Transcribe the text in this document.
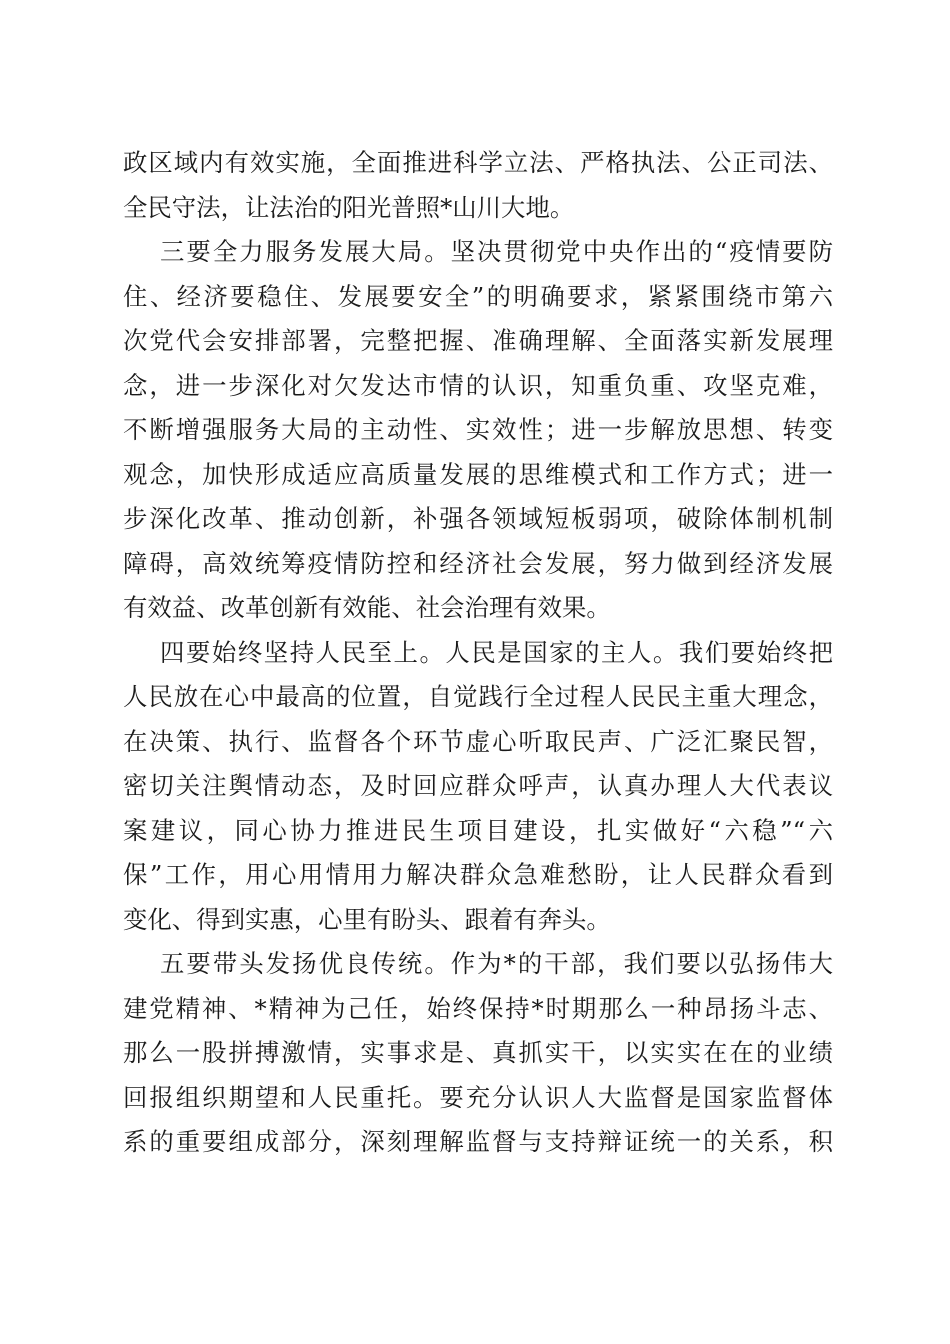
政区域内有效实施，全面推进科学立法、严格执法、公正司法、
全民守法，让法治的阳光普照*山川大地。
三要全力服务发展大局。坚决贯彻党中央作出的“疫情要防
住、经济要稳住、发展要安全”的明确要求，紧紧围绕市第六
次党代会安排部署，完整把握、准确理解、全面落实新发展理
念，进一步深化对欠发达市情的认识，知重负重、攻坚克难，
不断增强服务大局的主动性、实效性；进一步解放思想、转变
观念，加快形成适应高质量发展的思维模式和工作方式；进一
步深化改革、推动创新，补强各领域短板弱项，破除体制机制
障碍，高效统筹疫情防控和经济社会发展，努力做到经济发展
有效益、改革创新有效能、社会治理有效果。
四要始终坚持人民至上。人民是国家的主人。我们要始终把
人民放在心中最高的位置，自觉践行全过程人民民主重大理念，
在决策、执行、监督各个环节虚心听取民声、广泛汇聚民智，
密切关注舆情动态，及时回应群众呼声，认真办理人大代表议
案建议，同心协力推进民生项目建设，扎实做好“六稳”“六
保”工作，用心用情用力解决群众急难愁盼，让人民群众看到
变化、得到实惠，心里有盼头、跟着有奔头。
五要带头发扬优良传统。作为*的干部，我们要以弘扬伟大
建党精神、*精神为己任，始终保持*时期那么一种昂扬斗志、
那么一股拼搏激情，实事求是、真抓实干，以实实在在的业绩
回报组织期望和人民重托。要充分认识人大监督是国家监督体
系的重要组成部分，深刻理解监督与支持辩证统一的关系，积
